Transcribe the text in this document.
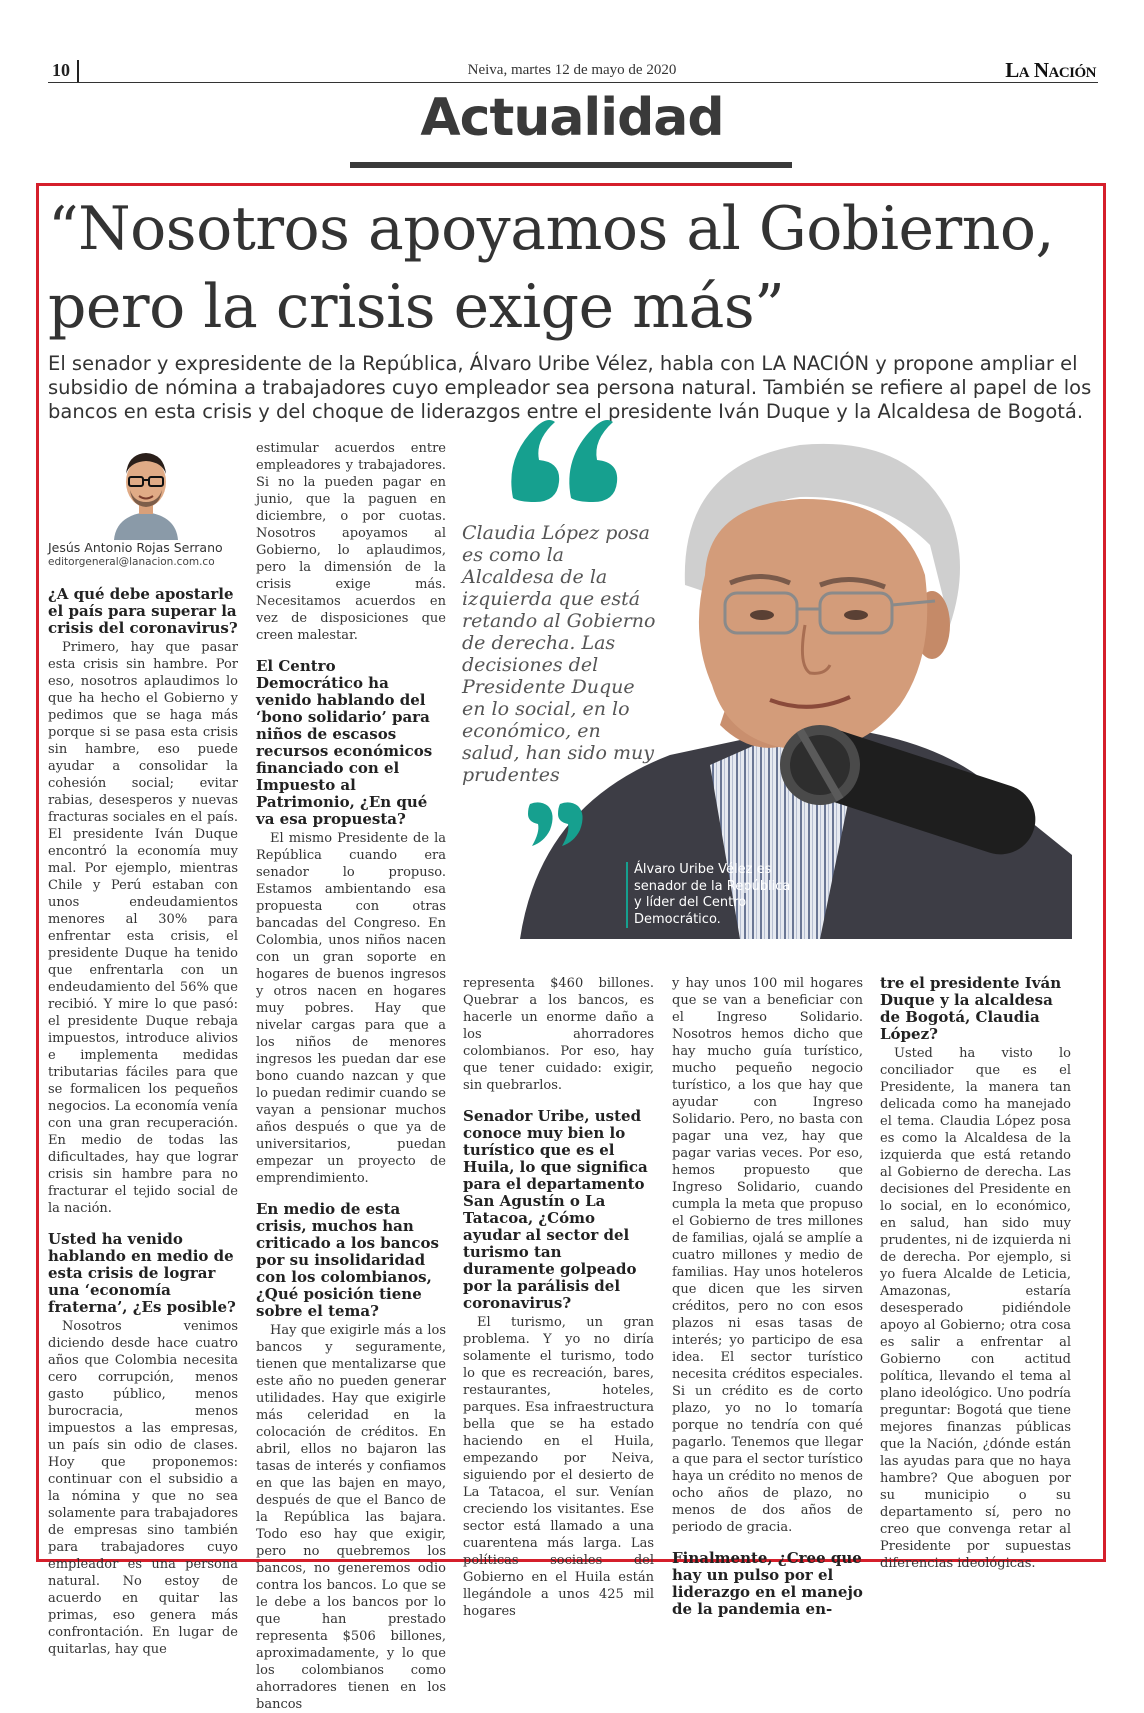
10	Neiva, martes 12 de mayo de 2020	La Nación
Actualidad
“Nosotros apoyamos al Gobierno,
pero la crisis exige más”
El senador y expresidente de la República, Álvaro Uribe Vélez, habla con LA NACIÓN y propone ampliar el subsidio de nómina a trabajadores cuyo empleador sea persona natural. También se refiere al papel de los bancos en esta crisis y del choque de liderazgos entre el presidente Iván Duque y la Alcaldesa de Bogotá.
Jesús Antonio Rojas Serrano
editorgeneral@lanacion.com.co
¿A qué debe apostarle el país para superar la crisis del coronavirus?

Primero, hay que pasar esta crisis sin hambre. Por eso, nosotros aplaudimos lo que ha hecho el Gobierno y pedimos que se haga más porque si se pasa esta crisis sin hambre, eso puede ayudar a consolidar la cohesión social; evitar rabias, desesperos y nuevas fracturas sociales en el país. El presidente Iván Duque encontró la economía muy mal. Por ejemplo, mientras Chile y Perú estaban con unos endeudamientos menores al 30% para enfrentar esta crisis, el presidente Duque ha tenido que enfrentarla con un endeudamiento del 56% que recibió. Y mire lo que pasó: el presidente Duque rebaja impuestos, introduce alivios e implementa medidas tributarias fáciles para que se formalicen los pequeños negocios. La economía venía con una gran recuperación. En medio de todas las dificultades, hay que lograr crisis sin hambre para no fracturar el tejido social de la nación.

Usted ha venido hablando en medio de esta crisis de lograr una ‘economía fraterna’, ¿Es posible?

Nosotros venimos diciendo desde hace cuatro años que Colombia necesita cero corrupción, menos gasto público, menos burocracia, menos impuestos a las empresas, un país sin odio de clases. Hoy que proponemos: continuar con el subsidio a la nómina y que no sea solamente para trabajadores de empresas sino también para trabajadores cuyo empleador es una persona natural. No estoy de acuerdo en quitar las primas, eso genera más confrontación. En lugar de quitarlas, hay que

estimular acuerdos entre empleadores y trabajadores. Si no la pueden pagar en junio, que la paguen en diciembre, o por cuotas. Nosotros apoyamos al Gobierno, lo aplaudimos, pero la dimensión de la crisis exige más. Necesitamos acuerdos en vez de disposiciones que creen malestar.

El Centro Democrático ha venido hablando del ‘bono solidario’ para niños de escasos recursos económicos financiado con el Impuesto al Patrimonio, ¿En qué va esa propuesta?

El mismo Presidente de la República cuando era senador lo propuso. Estamos ambientando esa propuesta con otras bancadas del Congreso. En Colombia, unos niños nacen con un gran soporte en hogares de buenos ingresos y otros nacen en hogares muy pobres. Hay que nivelar cargas para que a los niños de menores ingresos les puedan dar ese bono cuando nazcan y que lo puedan redimir cuando se vayan a pensionar muchos años después o que ya de universitarios, puedan empezar un proyecto de emprendimiento.

En medio de esta crisis, muchos han criticado a los bancos por su insolidaridad con los colombianos, ¿Qué posición tiene sobre el tema?

Hay que exigirle más a los bancos y seguramente, tienen que mentalizarse que este año no pueden generar utilidades. Hay que exigirle más celeridad en la colocación de créditos. En abril, ellos no bajaron las tasas de interés y confiamos en que las bajen en mayo, después de que el Banco de la República las bajara. Todo eso hay que exigir, pero no quebremos los bancos, no generemos odio contra los bancos. Lo que se le debe a los bancos por lo que han prestado representa $506 billones, aproximadamente, y lo que los colombianos como ahorradores tienen en los bancos

Álvaro Uribe Vélez es senador de la República y líder del Centro Democrático.
Claudia López posa es como la Alcaldesa de la izquierda que está retando al Gobierno de derecha. Las decisiones del Presidente Duque en lo social, en lo económico, en salud, han sido muy prudentes

representa $460 billones. Quebrar a los bancos, es hacerle un enorme daño a los ahorradores colombianos. Por eso, hay que tener cuidado: exigir, sin quebrarlos.

Senador Uribe, usted conoce muy bien lo turístico que es el Huila, lo que significa para el departamento San Agustín o La Tatacoa, ¿Cómo ayudar al sector del turismo tan duramente golpeado por la parálisis del coronavirus?

El turismo, un gran problema. Y yo no diría solamente el turismo, todo lo que es recreación, bares, restaurantes, hoteles, parques. Esa infraestructura bella que se ha estado haciendo en el Huila, empezando por Neiva, siguiendo por el desierto de La Tatacoa, el sur. Venían creciendo los visitantes. Ese sector está llamado a una cuarentena más larga. Las políticas sociales del Gobierno en el Huila están llegándole a unos 425 mil hogares

y hay unos 100 mil hogares que se van a beneficiar con el Ingreso Solidario. Nosotros hemos dicho que hay mucho guía turístico, mucho pequeño negocio turístico, a los que hay que ayudar con Ingreso Solidario. Pero, no basta con pagar una vez, hay que pagar varias veces. Por eso, hemos propuesto que Ingreso Solidario, cuando cumpla la meta que propuso el Gobierno de tres millones de familias, ojalá se amplíe a cuatro millones y medio de familias. Hay unos hoteleros que dicen que les sirven créditos, pero no con esos plazos ni esas tasas de interés; yo participo de esa idea. El sector turístico necesita créditos especiales. Si un crédito es de corto plazo, yo no lo tomaría porque no tendría con qué pagarlo. Tenemos que llegar a que para el sector turístico haya un crédito no menos de ocho años de plazo, no menos de dos años de periodo de gracia.

Finalmente, ¿Cree que hay un pulso por el liderazgo en el manejo de la pandemia en-
tre el presidente Iván Duque y la alcaldesa de Bogotá, Claudia López?

Usted ha visto lo conciliador que es el Presidente, la manera tan delicada como ha manejado el tema. Claudia López posa es como la Alcaldesa de la izquierda que está retando al Gobierno de derecha. Las decisiones del Presidente en lo social, en lo económico, en salud, han sido muy prudentes, ni de izquierda ni de derecha. Por ejemplo, si yo fuera Alcalde de Leticia, Amazonas, estaría desesperado pidiéndole apoyo al Gobierno; otra cosa es salir a enfrentar al Gobierno con actitud política, llevando el tema al plano ideológico. Uno podría preguntar: Bogotá que tiene mejores finanzas públicas que la Nación, ¿dónde están las ayudas para que no haya hambre? Que aboguen por su municipio o su departamento sí, pero no creo que convenga retar al Presidente por supuestas diferencias ideológicas.
